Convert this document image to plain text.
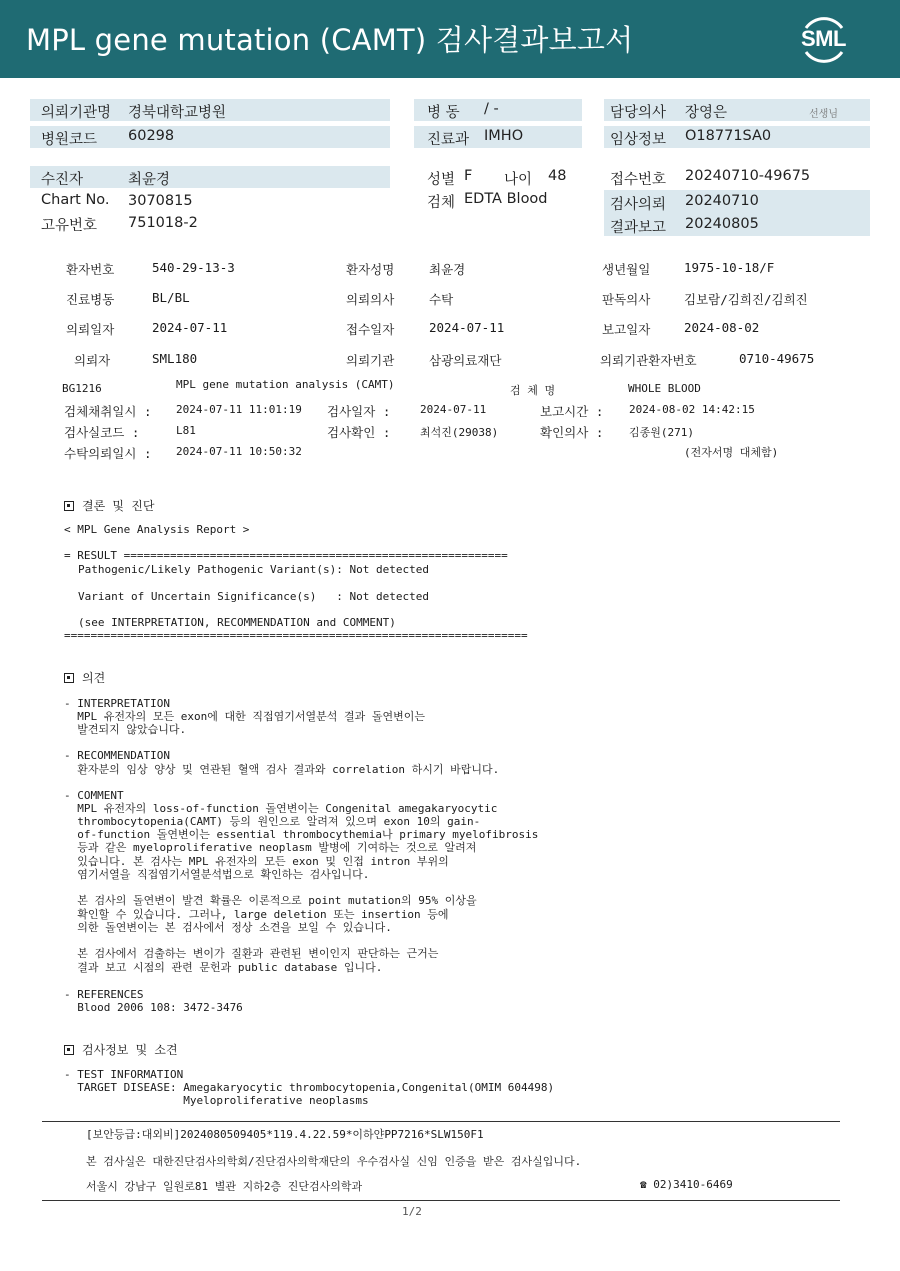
MPL gene mutation (CAMT) 검사결과보고서	SML
의뢰기관명 경북대학교병원	병 동 / -	담당의사 장영은	선생님
병원코드 60298	진료과 IMHO	임상정보 O18771SA0
수진자	최윤경	성별 F 나이 48	접수번호 20240710-49675
Chart No. 3070815	검체 EDTA Blood	검사의뢰 20240710
고유번호 751018-2	결과보고 20240805
환자번호	540-29-13-3	환자성명	최윤경	생년월일	1975-10-18/F
진료병동	BL/BL	의뢰의사	수탁	판독의사	김보람/김희진/김희진
의뢰일자	2024-07-11	접수일자	2024-07-11	보고일자	2024-08-02
의뢰자	SML180	의뢰기관	삼광의료재단	의뢰기관환자번호	0710-49675
BG1216	MPL gene mutation analysis (CAMT)	검 체 명	WHOLE BLOOD
검체채취일시 : 2024-07-11 11:01:19 검사일자 :	2024-07-11	보고시간 : 2024-08-02 14:42:15
검사실코드 :	L81	검사확인 :	최석진(29038)	확인의사 : 김종원(271)
수탁의뢰일시 : 2024-07-11 10:50:32	(전자서명 대체함)
결론 및 진단
< MPL Gene Analysis Report >
= RESULT ==========================================================
Pathogenic/Likely Pathogenic Variant(s): Not detected
Variant of Uncertain Significance(s)   : Not detected
(see INTERPRETATION, RECOMMENDATION and COMMENT)
======================================================================
의견
- INTERPRETATION
MPL 유전자의 모든 exon에 대한 직접염기서열분석 결과 돌연변이는
발견되지 않았습니다.
- RECOMMENDATION
환자분의 임상 양상 및 연관된 혈액 검사 결과와 correlation 하시기 바랍니다.
- COMMENT
MPL 유전자의 loss-of-function 돌연변이는 Congenital amegakaryocytic
thrombocytopenia(CAMT) 등의 원인으로 알려져 있으며 exon 10의 gain-
of-function 돌연변이는 essential thrombocythemia나 primary myelofibrosis
등과 같은 myeloproliferative neoplasm 발병에 기여하는 것으로 알려져
있습니다. 본 검사는 MPL 유전자의 모든 exon 및 인접 intron 부위의
염기서열을 직접염기서열분석법으로 확인하는 검사입니다.
본 검사의 돌연변이 발견 확률은 이론적으로 point mutation의 95% 이상을
확인할 수 있습니다. 그러나, large deletion 또는 insertion 등에
의한 돌연변이는 본 검사에서 정상 소견을 보일 수 있습니다.
본 검사에서 검출하는 변이가 질환과 관련된 변이인지 판단하는 근거는
결과 보고 시점의 관련 문헌과 public database 입니다.
- REFERENCES
Blood 2006 108: 3472-3476
검사정보 및 소견
- TEST INFORMATION
TARGET DISEASE: Amegakaryocytic thrombocytopenia,Congenital(OMIM 604498)
Myeloproliferative neoplasms
[보안등급:대외비]2024080509405*119.4.22.59*이하얀PP7216*SLW150F1
본 검사실은 대한진단검사의학회/진단검사의학재단의 우수검사실 신임 인증을 받은 검사실입니다.
서울시 강남구 일원로81 별관 지하2층 진단검사의학과	☎ 02)3410-6469
1/2
